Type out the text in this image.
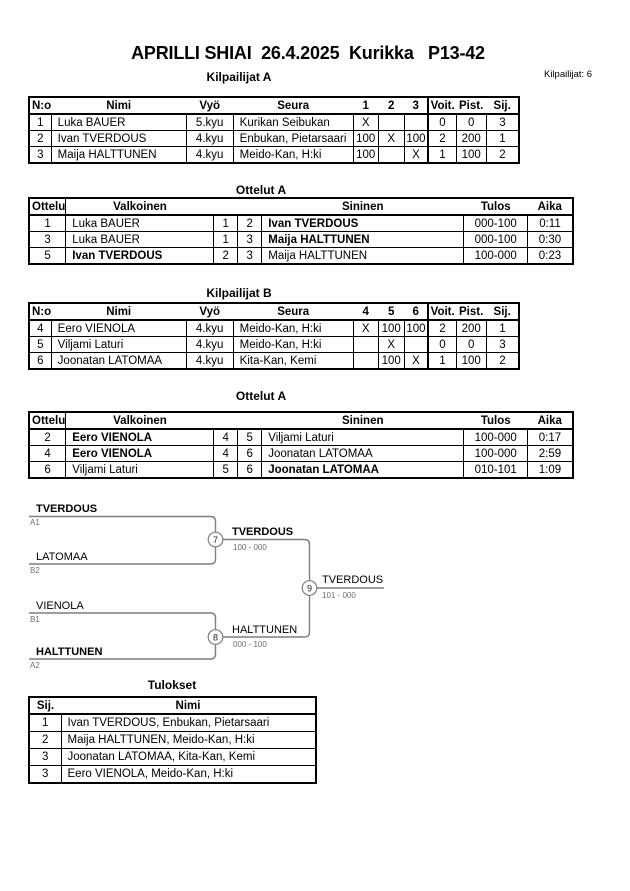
APRILLI SHIAI  26.4.2025  Kurikka   P13-42
Kilpailijat: 6
Kilpailijat A
N:o	Nimi	Vyö	Seura	1	2	3	Voit.	Pist.	Sij.
1	Luka BAUER	5.kyu	Kurikan Seibukan	X			0	0	3
2	Ivan TVERDOUS	4.kyu	Enbukan, Pietarsaari	100	X	100	2	200	1
3	Maija HALTTUNEN	4.kyu	Meido-Kan, H:ki	100		X	1	100	2
Ottelut A
Ottelu	Valkoinen			Sininen	Tulos	Aika
1	Luka BAUER	1	2	Ivan TVERDOUS	000-100	0:11
3	Luka BAUER	1	3	Maija HALTTUNEN	000-100	0:30
5	Ivan TVERDOUS	2	3	Maija HALTTUNEN	100-000	0:23
Kilpailijat B
N:o	Nimi	Vyö	Seura	4	5	6	Voit.	Pist.	Sij.
4	Eero VIENOLA	4.kyu	Meido-Kan, H:ki	X	100	100	2	200	1
5	Viljami Laturi	4.kyu	Meido-Kan, H:ki		X		0	0	3
6	Joonatan LATOMAA	4.kyu	Kita-Kan, Kemi		100	X	1	100	2
Ottelut A
Ottelu	Valkoinen			Sininen	Tulos	Aika
2	Eero VIENOLA	4	5	Viljami Laturi	100-000	0:17
4	Eero VIENOLA	4	6	Joonatan LATOMAA	100-000	2:59
6	Viljami Laturi	5	6	Joonatan LATOMAA	010-101	1:09
7
8
9
TVERDOUS
A1
LATOMAA
B2
VIENOLA
B1
HALTTUNEN
A2
TVERDOUS
100 - 000
HALTTUNEN
000 - 100
TVERDOUS
101 - 000
Tulokset
Sij.	Nimi
1	Ivan TVERDOUS, Enbukan, Pietarsaari
2	Maija HALTTUNEN, Meido-Kan, H:ki
3	Joonatan LATOMAA, Kita-Kan, Kemi
3	Eero VIENOLA, Meido-Kan, H:ki
